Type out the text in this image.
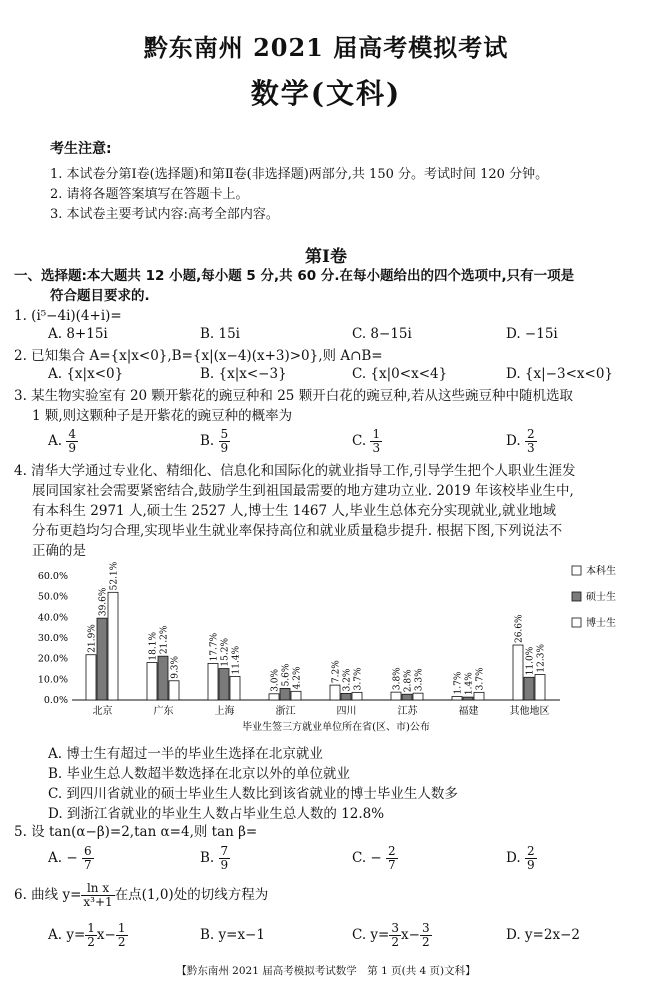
黔东南州 2021 届高考模拟考试
数学(文科)
考生注意:
1. 本试卷分第Ⅰ卷(选择题)和第Ⅱ卷(非选择题)两部分,共 150 分。考试时间 120 分钟。
2. 请将各题答案填写在答题卡上。
3. 本试卷主要考试内容:高考全部内容。
第Ⅰ卷
一、选择题:本大题共 12 小题,每小题 5 分,共 60 分.在每小题给出的四个选项中,只有一项是
符合题目要求的.
1. (i⁵−4i)(4+i)=
A. 8+15i	B. 15i	C. 8−15i	D. −15i
2. 已知集合 A={x|x<0},B={x|(x−4)(x+3)>0},则 A∩B=
A. {x|x<0}	B. {x|x<−3}	C. {x|0<x<4}	D. {x|−3<x<0}
3. 某生物实验室有 20 颗开紫花的豌豆种和 25 颗开白花的豌豆种,若从这些豌豆种中随机选取
1 颗,则这颗种子是开紫花的豌豆种的概率为
A. $\frac{4}{9}$	B. $\frac{5}{9}$	C. $\frac{1}{3}$	D. $\frac{2}{3}$
4. 清华大学通过专业化、精细化、信息化和国际化的就业指导工作,引导学生把个人职业生涯发
展同国家社会需要紧密结合,鼓励学生到祖国最需要的地方建功立业. 2019 年该校毕业生中,
有本科生 2971 人,硕士生 2527 人,博士生 1467 人,毕业生总体充分实现就业,就业地域
分布更趋均匀合理,实现毕业生就业率保持高位和就业质量稳步提升. 根据下图,下列说法不
正确的是
0.0%
10.0%
20.0%
30.0%
40.0%
50.0%
60.0%
21.9%
39.6%
52.1%
北京
18.1% 21.2%
9.3%
广东
17.7% 15.2% 11.4%
上海
3.0% 5.6% 4.2%
浙江
7.2% 3.2% 3.7%
四川
3.8% 2.8% 3.3%
江苏
1.7% 1.4% 3.7%
福建
26.6%
11.0% 12.3%
其他地区
毕业生签三方就业单位所在省(区、市)公布
本科生
硕士生
博士生
A. 博士生有超过一半的毕业生选择在北京就业
B. 毕业生总人数超半数选择在北京以外的单位就业
C. 到四川省就业的硕士毕业生人数比到该省就业的博士毕业生人数多
D. 到浙江省就业的毕业生人数占毕业生总人数的 12.8%
5. 设 tan(α−β)=2,tan α=4,则 tan β=
A. − $\frac{6}{7}$	B. $\frac{7}{9}$	C. − $\frac{2}{7}$	D. $\frac{2}{9}$
6. 曲线 $y= \frac{\text{ln x}}{\text{x³+1}}$ 在点(1,0)处的切线方程为
A. $y= \frac{1}{2} x- \frac{1}{2}$	B. y=x−1	C. $y= \frac{3}{2} x- \frac{3}{2}$	D. y=2x−2
【黔东南州 2021 届高考模拟考试数学　第 1 页(共 4 页)文科】
